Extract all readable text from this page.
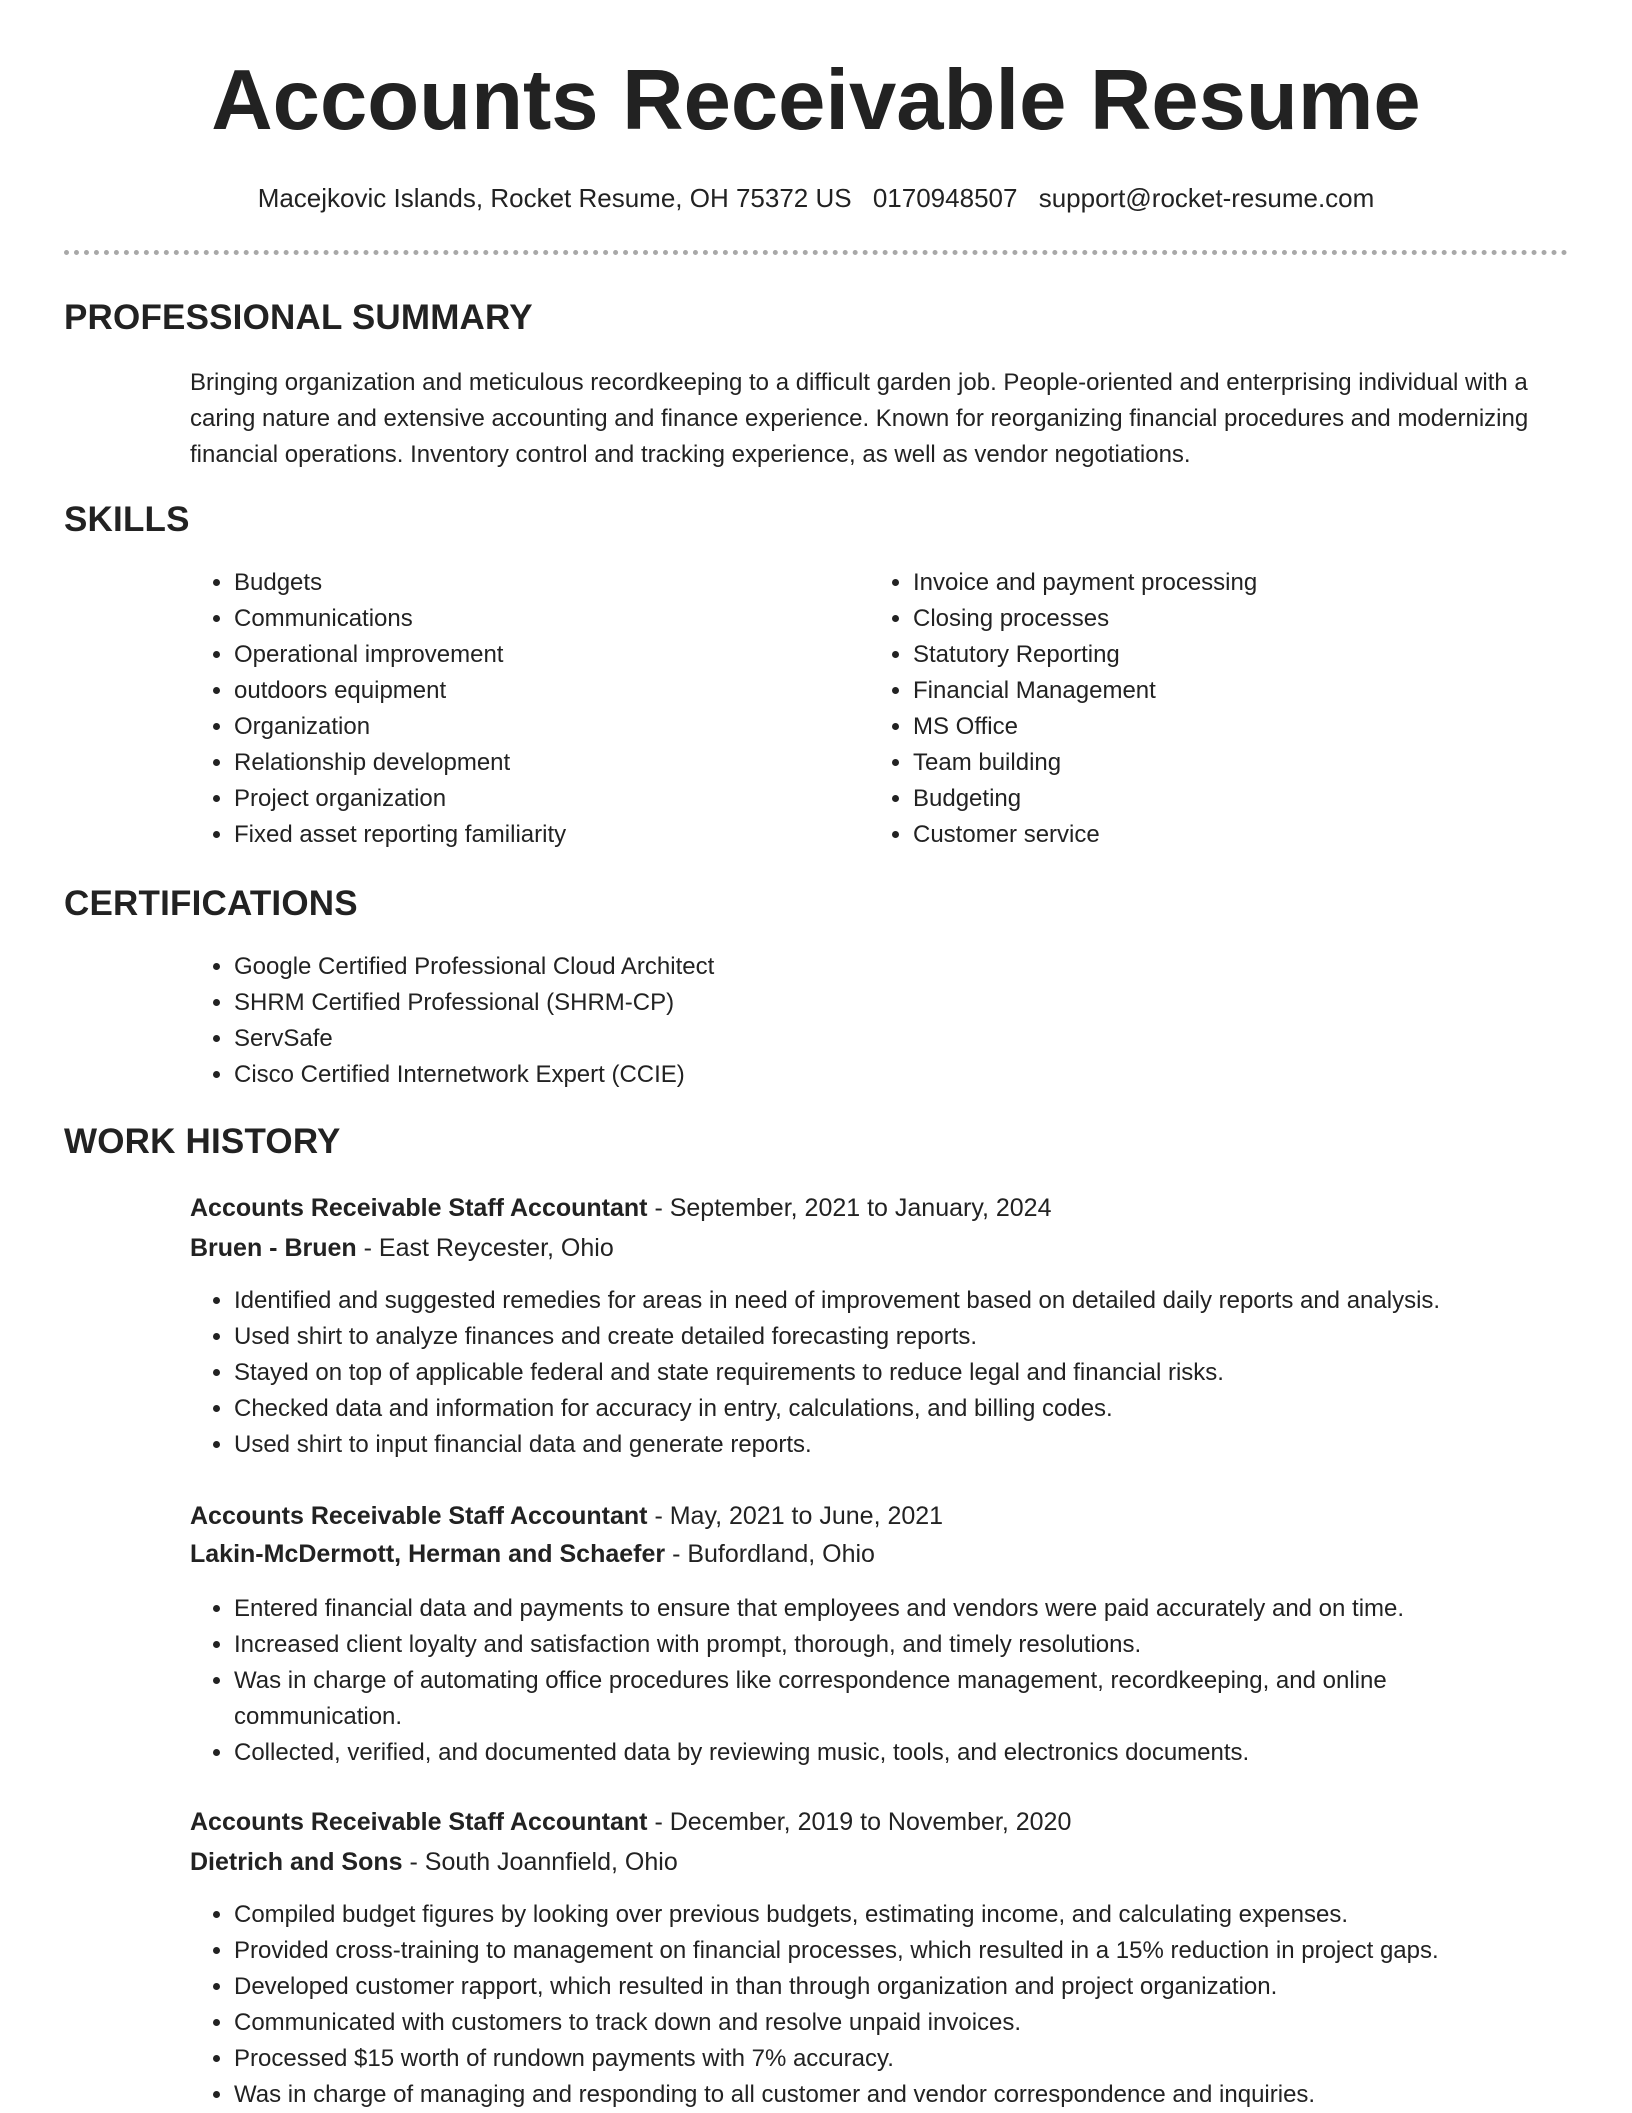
Accounts Receivable Resume
Macejkovic Islands, Rocket Resume, OH 75372 US 0170948507 support@rocket-resume.com
PROFESSIONAL SUMMARY

Bringing organization and meticulous recordkeeping to a difficult garden job. People-oriented and enterprising individual with a caring nature and extensive accounting and finance experience. Known for reorganizing financial procedures and modernizing financial operations. Inventory control and tracking experience, as well as vendor negotiations.

SKILLS
• Budgets
• Communications
• Operational improvement
• outdoors equipment
• Organization
• Relationship development
• Project organization
• Fixed asset reporting familiarity
• Invoice and payment processing
• Closing processes
• Statutory Reporting
• Financial Management
• MS Office
• Team building
• Budgeting
• Customer service
CERTIFICATIONS
• Google Certified Professional Cloud Architect
• SHRM Certified Professional (SHRM-CP)
• ServSafe
• Cisco Certified Internetwork Expert (CCIE)
WORK HISTORY
Accounts Receivable Staff Accountant - September, 2021 to January, 2024
Bruen - Bruen - East Reycester, Ohio
• Identified and suggested remedies for areas in need of improvement based on detailed daily reports and analysis.
• Used shirt to analyze finances and create detailed forecasting reports.
• Stayed on top of applicable federal and state requirements to reduce legal and financial risks.
• Checked data and information for accuracy in entry, calculations, and billing codes.
• Used shirt to input financial data and generate reports.
Accounts Receivable Staff Accountant - May, 2021 to June, 2021
Lakin-McDermott, Herman and Schaefer - Bufordland, Ohio
• Entered financial data and payments to ensure that employees and vendors were paid accurately and on time.
• Increased client loyalty and satisfaction with prompt, thorough, and timely resolutions.
• Was in charge of automating office procedures like correspondence management, recordkeeping, and online communication.
• Collected, verified, and documented data by reviewing music, tools, and electronics documents.
Accounts Receivable Staff Accountant - December, 2019 to November, 2020
Dietrich and Sons - South Joannfield, Ohio
• Compiled budget figures by looking over previous budgets, estimating income, and calculating expenses.
• Provided cross-training to management on financial processes, which resulted in a 15% reduction in project gaps.
• Developed customer rapport, which resulted in than through organization and project organization.
• Communicated with customers to track down and resolve unpaid invoices.
• Processed $15 worth of rundown payments with 7% accuracy.
• Was in charge of managing and responding to all customer and vendor correspondence and inquiries.
